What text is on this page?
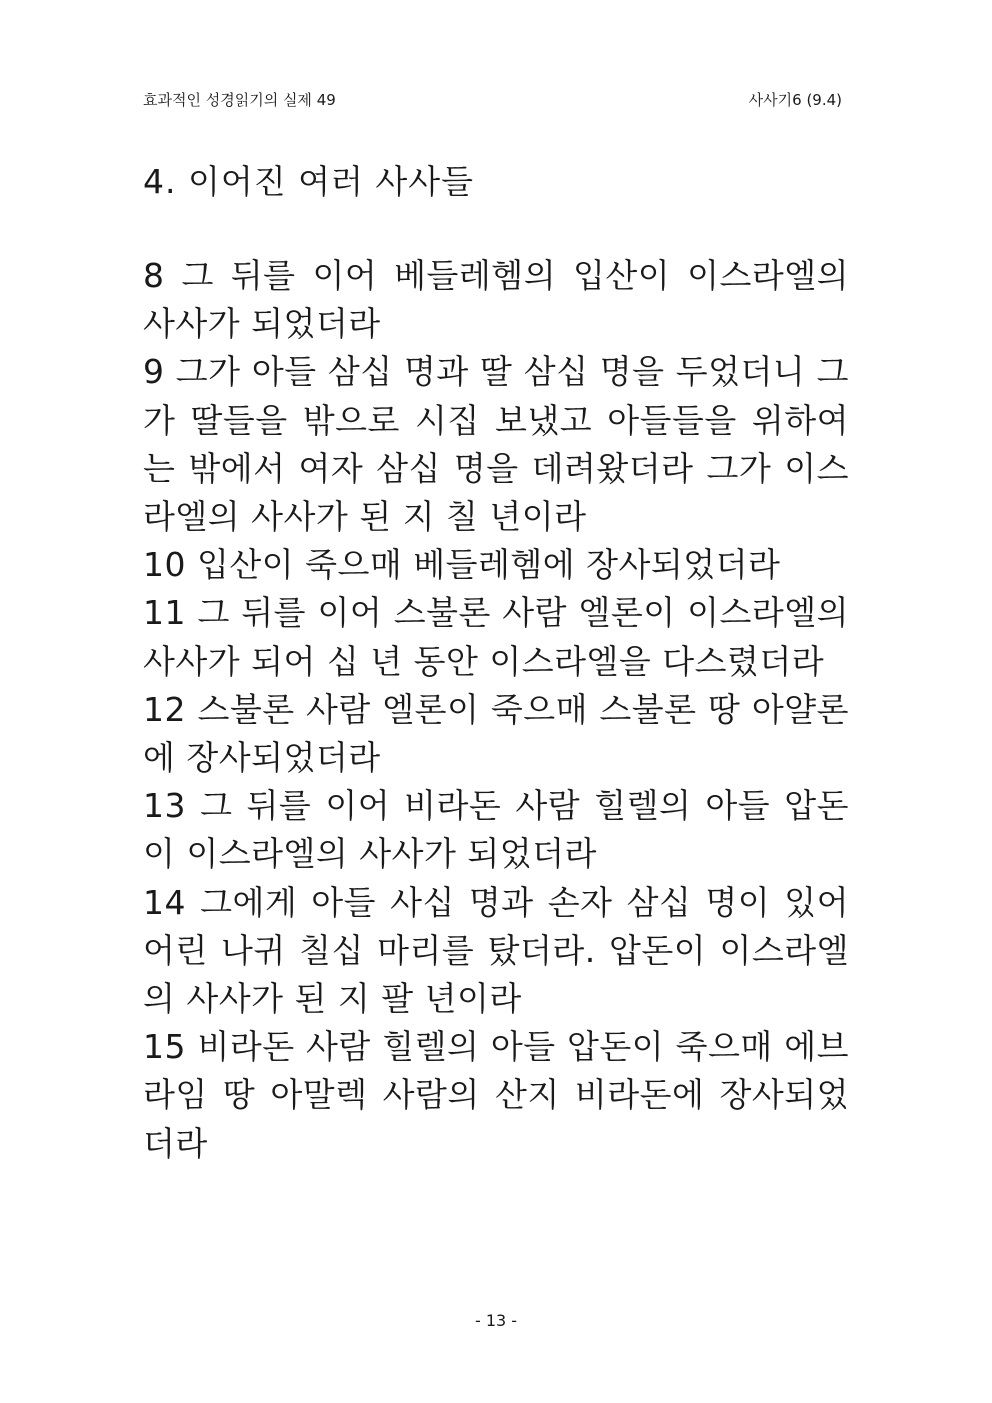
효과적인 성경읽기의 실제 49	사사기6 (9.4)
4. 이어진 여러 사사들
8 그 뒤를 이어 베들레헴의 입산이 이스라엘의 사사가 되었더라
9 그가 아들 삼십 명과 딸 삼십 명을 두었더니 그가 딸들을 밖으로 시집 보냈고 아들들을 위하여는 밖에서 여자 삼십 명을 데려왔더라 그가 이스라엘의 사사가 된 지 칠 년이라
10 입산이 죽으매 베들레헴에 장사되었더라
11 그 뒤를 이어 스불론 사람 엘론이 이스라엘의 사사가 되어 십 년 동안 이스라엘을 다스렸더라
12 스불론 사람 엘론이 죽으매 스불론 땅 아얄론에 장사되었더라
13 그 뒤를 이어 비라돈 사람 힐렐의 아들 압돈이 이스라엘의 사사가 되었더라
14 그에게 아들 사십 명과 손자 삼십 명이 있어 어린 나귀 칠십 마리를 탔더라. 압돈이 이스라엘의 사사가 된 지 팔 년이라
15 비라돈 사람 힐렐의 아들 압돈이 죽으매 에브라임 땅 아말렉 사람의 산지 비라돈에 장사되었더라
- 13 -
